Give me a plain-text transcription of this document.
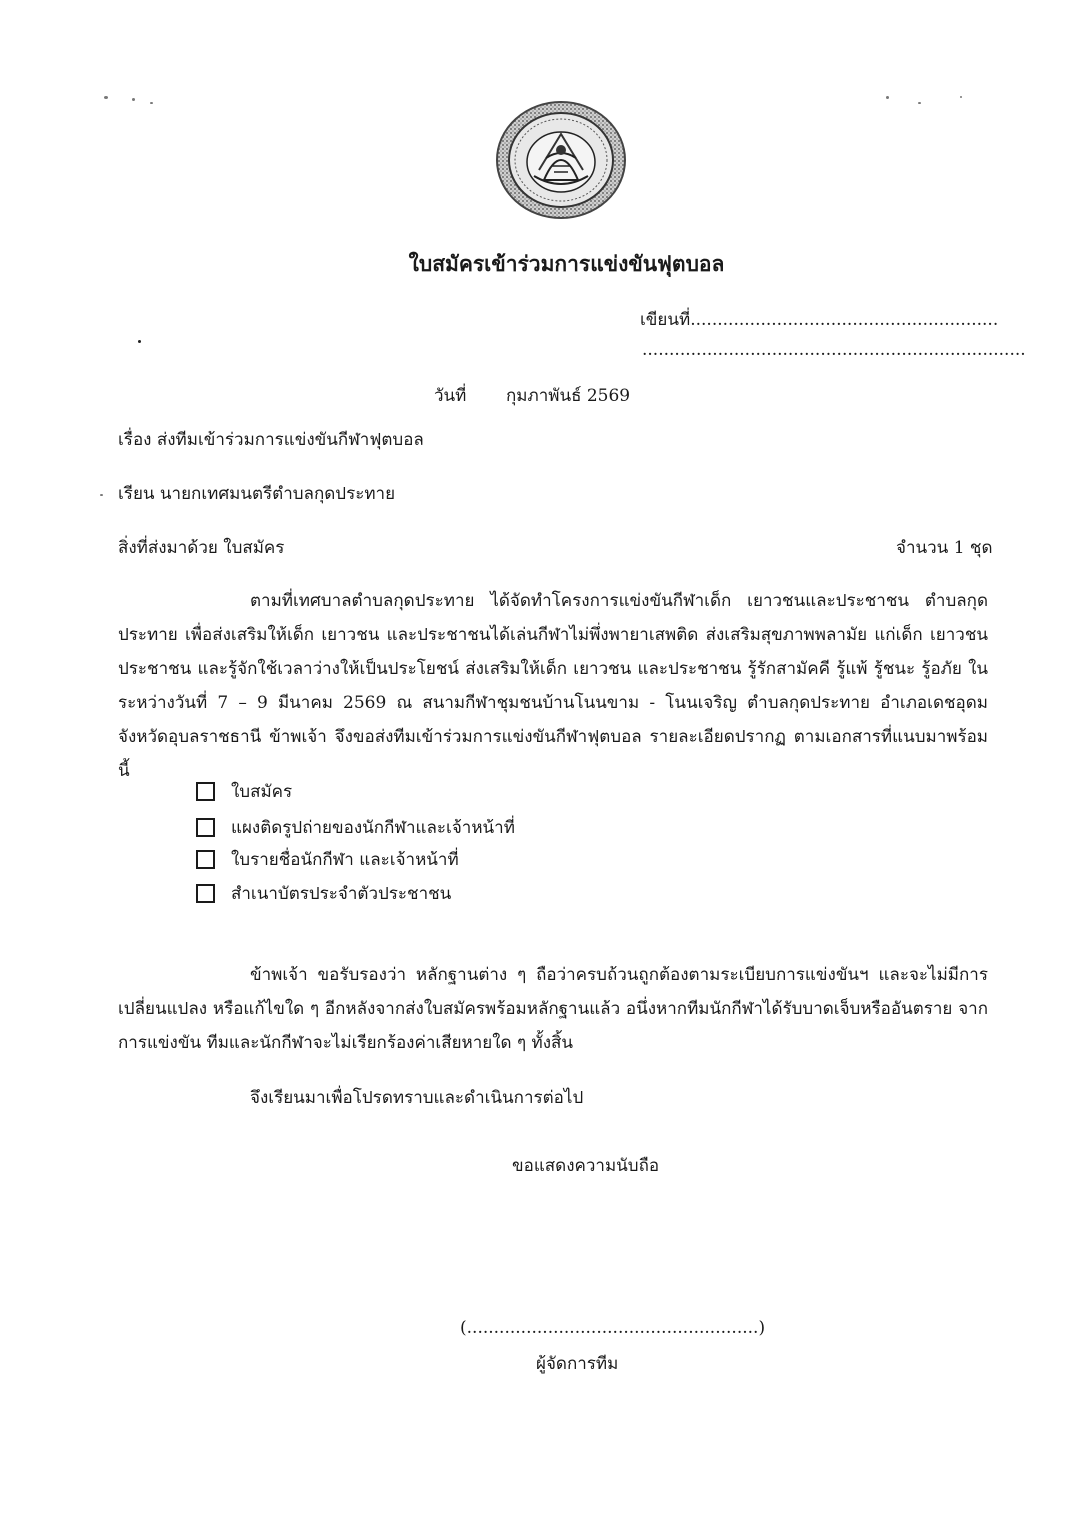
ใบสมัครเข้าร่วมการแข่งขันฟุตบอล
เขียนที่.........................................................
.......................................................................
วันที่ กุมภาพันธ์ 2569
เรื่อง ส่งทีมเข้าร่วมการแข่งขันกีฬาฟุตบอล
เรียน นายกเทศมนตรีตำบลกุดประทาย
สิ่งที่ส่งมาด้วย ใบสมัคร	จำนวน 1 ชุด
ตามที่เทศบาลตำบลกุดประทาย ได้จัดทำโครงการแข่งขันกีฬาเด็ก เยาวชนและประชาชน ตำบลกุดประทาย เพื่อส่งเสริมให้เด็ก เยาวชน และประชาชนได้เล่นกีฬาไม่พึ่งพายาเสพติด ส่งเสริมสุขภาพพลามัย แก่เด็ก เยาวชน ประชาชน และรู้จักใช้เวลาว่างให้เป็นประโยชน์ ส่งเสริมให้เด็ก เยาวชน และประชาชน รู้รักสามัคคี รู้แพ้ รู้ชนะ รู้อภัย ในระหว่างวันที่ 7 – 9 มีนาคม 2569 ณ สนามกีฬาชุมชนบ้านโนนขาม - โนนเจริญ ตำบลกุดประทาย อำเภอเดชอุดม จังหวัดอุบลราชธานี ข้าพเจ้า จึงขอส่งทีมเข้าร่วมการแข่งขันกีฬาฟุตบอล รายละเอียดปรากฏ ตามเอกสารที่แนบมาพร้อมนี้
ใบสมัคร
แผงติดรูปถ่ายของนักกีฬาและเจ้าหน้าที่
ใบรายชื่อนักกีฬา และเจ้าหน้าที่
สำเนาบัตรประจำตัวประชาชน
ข้าพเจ้า ขอรับรองว่า หลักฐานต่าง ๆ ถือว่าครบถ้วนถูกต้องตามระเบียบการแข่งขันฯ และจะไม่มีการ เปลี่ยนแปลง หรือแก้ไขใด ๆ อีกหลังจากส่งใบสมัครพร้อมหลักฐานแล้ว อนึ่งหากทีมนักกีฬาได้รับบาดเจ็บหรืออันตราย จากการแข่งขัน ทีมและนักกีฬาจะไม่เรียกร้องค่าเสียหายใด ๆ ทั้งสิ้น
จึงเรียนมาเพื่อโปรดทราบและดำเนินการต่อไป
ขอแสดงความนับถือ
(......................................................)
ผู้จัดการทีม
